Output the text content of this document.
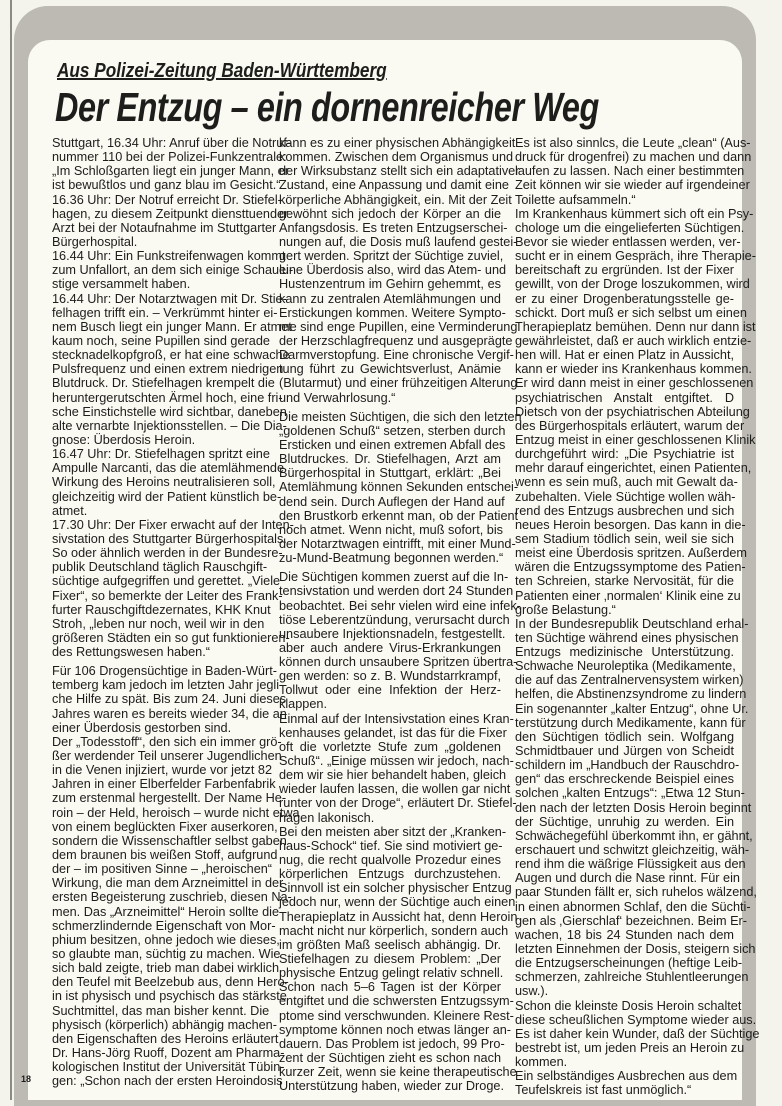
Aus Polizei-Zeitung Baden-Württemberg
Der Entzug – ein dornenreicher Weg
Stuttgart, 16.34 Uhr: Anruf über die Notruf-
nummer 110 bei der Polizei-Funkzentrale:
„Im Schloßgarten liegt ein junger Mann, er
ist bewußtlos und ganz blau im Gesicht.“
16.36 Uhr: Der Notruf erreicht Dr. Stiefel-
hagen, zu diesem Zeitpunkt diensttuender
Arzt bei der Notaufnahme im Stuttgarter
Bürgerhospital.
16.44 Uhr: Ein Funkstreifenwagen kommt
zum Unfallort, an dem sich einige Schaulu-
stige versammelt haben.
16.44 Uhr: Der Notarztwagen mit Dr. Stie-
felhagen trifft ein. – Verkrümmt hinter ei-
nem Busch liegt ein junger Mann. Er atmet
kaum noch, seine Pupillen sind gerade
stecknadelkopfgroß, er hat eine schwache
Pulsfrequenz und einen extrem niedrigen
Blutdruck. Dr. Stiefelhagen krempelt die
heruntergerutschten Ärmel hoch, eine fri-
sche Einstichstelle wird sichtbar, daneben
alte vernarbte Injektionsstellen. – Die Dia-
gnose: Überdosis Heroin.
16.47 Uhr: Dr. Stiefelhagen spritzt eine
Ampulle Narcanti, das die atemlähmende
Wirkung des Heroins neutralisieren soll,
gleichzeitig wird der Patient künstlich be-
atmet.
17.30 Uhr: Der Fixer erwacht auf der Inten-
sivstation des Stuttgarter Bürgerhospitals.
So oder ähnlich werden in der Bundesre-
publik Deutschland täglich Rauschgift-
süchtige aufgegriffen und gerettet. „Viele
Fixer“, so bemerkte der Leiter des Frank-
furter Rauschgiftdezernates, KHK Knut
Stroh, „leben nur noch, weil wir in den
größeren Städten ein so gut funktionieren-
des Rettungswesen haben.“
Für 106 Drogensüchtige in Baden-Würt-
temberg kam jedoch im letzten Jahr jegli-
che Hilfe zu spät. Bis zum 24. Juni dieses
Jahres waren es bereits wieder 34, die an
einer Überdosis gestorben sind.
Der „Todesstoff“, den sich ein immer grö-
ßer werdender Teil unserer Jugendlichen
in die Venen injiziert, wurde vor jetzt 82
Jahren in einer Elberfelder Farbenfabrik
zum erstenmal hergestellt. Der Name He-
roin – der Held, heroisch – wurde nicht etwa
von einem beglückten Fixer auserkoren,
sondern die Wissenschaftler selbst gaben
dem braunen bis weißen Stoff, aufgrund
der – im positiven Sinne – „heroischen“
Wirkung, die man dem Arzneimittel in der
ersten Begeisterung zuschrieb, diesen Na-
men. Das „Arzneimittel“ Heroin sollte die
schmerzlindernde Eigenschaft von Mor-
phium besitzen, ohne jedoch wie dieses,
so glaubte man, süchtig zu machen. Wie
sich bald zeigte, trieb man dabei wirklich
den Teufel mit Beelzebub aus, denn Hero-
in ist physisch und psychisch das stärkste
Suchtmittel, das man bisher kennt. Die
physisch (körperlich) abhängig machen-
den Eigenschaften des Heroins erläutert
Dr. Hans-Jörg Ruoff, Dozent am Pharma-
kologischen Institut der Universität Tübin-
gen: „Schon nach der ersten Heroindosis
kann es zu einer physischen Abhängigkeit
kommen. Zwischen dem Organismus und
der Wirksubstanz stellt sich ein adaptativer
Zustand, eine Anpassung und damit eine
körperliche Abhängigkeit, ein. Mit der Zeit
gewöhnt sich jedoch der Körper an die
Anfangsdosis. Es treten Entzugserschei-
nungen auf, die Dosis muß laufend gestei-
gert werden. Spritzt der Süchtige zuviel,
eine Überdosis also, wird das Atem- und
Hustenzentrum im Gehirn gehemmt, es
kann zu zentralen Atemlähmungen und
Erstickungen kommen. Weitere Sympto-
me sind enge Pupillen, eine Verminderung
der Herzschlagfrequenz und ausgeprägte
Darmverstopfung. Eine chronische Vergif-
tung führt zu Gewichtsverlust, Anämie
(Blutarmut) und einer frühzeitigen Alterung
und Verwahrlosung.“
Die meisten Süchtigen, die sich den letzten
„goldenen Schuß“ setzen, sterben durch
Ersticken und einen extremen Abfall des
Blutdruckes. Dr. Stiefelhagen, Arzt am
Bürgerhospital in Stuttgart, erklärt: „Bei
Atemlähmung können Sekunden entschei-
dend sein. Durch Auflegen der Hand auf
den Brustkorb erkennt man, ob der Patient
noch atmet. Wenn nicht, muß sofort, bis
der Notarztwagen eintrifft, mit einer Mund-
zu-Mund-Beatmung begonnen werden.“
Die Süchtigen kommen zuerst auf die In-
tensivstation und werden dort 24 Stunden
beobachtet. Bei sehr vielen wird eine infek-
tiöse Leberentzündung, verursacht durch
unsaubere Injektionsnadeln, festgestellt.
aber auch andere Virus-Erkrankungen
können durch unsaubere Spritzen übertra-
gen werden: so z. B. Wundstarrkrampf,
Tollwut oder eine Infektion der Herz-
klappen.
Einmal auf der Intensivstation eines Kran-
kenhauses gelandet, ist das für die Fixer
oft die vorletzte Stufe zum „goldenen
Schuß“. „Einige müssen wir jedoch, nach-
dem wir sie hier behandelt haben, gleich
wieder laufen lassen, die wollen gar nicht
runter von der Droge“, erläutert Dr. Stiefel-
hagen lakonisch.
Bei den meisten aber sitzt der „Kranken-
haus-Schock“ tief. Sie sind motiviert ge-
nug, die recht qualvolle Prozedur eines
körperlichen Entzugs durchzustehen.
Sinnvoll ist ein solcher physischer Entzug
jedoch nur, wenn der Süchtige auch einen
Therapieplatz in Aussicht hat, denn Heroin
macht nicht nur körperlich, sondern auch
im größten Maß seelisch abhängig. Dr.
Stiefelhagen zu diesem Problem: „Der
physische Entzug gelingt relativ schnell.
Schon nach 5–6 Tagen ist der Körper
entgiftet und die schwersten Entzugssym-
ptome sind verschwunden. Kleinere Rest-
symptome können noch etwas länger an-
dauern. Das Problem ist jedoch, 99 Pro-
zent der Süchtigen zieht es schon nach
kurzer Zeit, wenn sie keine therapeutische
Unterstützung haben, wieder zur Droge.
Es ist also sinnlcs, die Leute „clean“ (Aus-
druck für drogenfrei) zu machen und dann
laufen zu lassen. Nach einer bestimmten
Zeit können wir sie wieder auf irgendeiner
Toilette aufsammeln.“
Im Krankenhaus kümmert sich oft ein Psy-
chologe um die eingelieferten Süchtigen.
Bevor sie wieder entlassen werden, ver-
sucht er in einem Gespräch, ihre Therapie-
bereitschaft zu ergründen. Ist der Fixer
gewillt, von der Droge loszukommen, wird
er zu einer Drogenberatungsstelle ge-
schickt. Dort muß er sich selbst um einen
Therapieplatz bemühen. Denn nur dann ist
gewährleistet, daß er auch wirklich entzie-
hen will. Hat er einen Platz in Aussicht,
kann er wieder ins Krankenhaus kommen.
Er wird dann meist in einer geschlossenen
psychiatrischen Anstalt entgiftet. D
Dietsch von der psychiatrischen Abteilung
des Bürgerhospitals erläutert, warum der
Entzug meist in einer geschlossenen Klinik
durchgeführt wird: „Die Psychiatrie ist
mehr darauf eingerichtet, einen Patienten,
wenn es sein muß, auch mit Gewalt da-
zubehalten. Viele Süchtige wollen wäh-
rend des Entzugs ausbrechen und sich
neues Heroin besorgen. Das kann in die-
sem Stadium tödlich sein, weil sie sich
meist eine Überdosis spritzen. Außerdem
wären die Entzugssymptome des Patien-
ten Schreien, starke Nervosität, für die
Patienten einer ‚normalen‘ Klinik eine zu
große Belastung.“
In der Bundesrepublik Deutschland erhal-
ten Süchtige während eines physischen
Entzugs medizinische Unterstützung.
Schwache Neuroleptika (Medikamente,
die auf das Zentralnervensystem wirken)
helfen, die Abstinenzsyndrome zu lindern
Ein sogenannter „kalter Entzug“, ohne Ur.
terstützung durch Medikamente, kann für
den Süchtigen tödlich sein. Wolfgang
Schmidtbauer und Jürgen von Scheidt
schildern im „Handbuch der Rauschdro-
gen“ das erschreckende Beispiel eines
solchen „kalten Entzugs“: „Etwa 12 Stun-
den nach der letzten Dosis Heroin beginnt
der Süchtige, unruhig zu werden. Ein
Schwächegefühl überkommt ihn, er gähnt,
erschauert und schwitzt gleichzeitig, wäh-
rend ihm die wäßrige Flüssigkeit aus den
Augen und durch die Nase rinnt. Für ein
paar Stunden fällt er, sich ruhelos wälzend,
in einen abnormen Schlaf, den die Süchti-
gen als ‚Gierschlaf‘ bezeichnen. Beim Er-
wachen, 18 bis 24 Stunden nach dem
letzten Einnehmen der Dosis, steigern sich
die Entzugserscheinungen (heftige Leib-
schmerzen, zahlreiche Stuhlentleerungen
usw.).
Schon die kleinste Dosis Heroin schaltet
diese scheußlichen Symptome wieder aus.
Es ist daher kein Wunder, daß der Süchtige
bestrebt ist, um jeden Preis an Heroin zu
kommen.
Ein selbständiges Ausbrechen aus dem
Teufelskreis ist fast unmöglich.“
18
